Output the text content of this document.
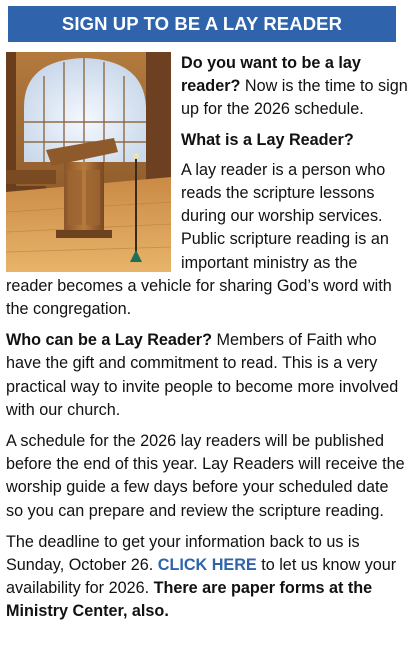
SIGN UP TO BE A LAY READER

Do you want to be a lay reader? Now is the time to sign up for the 2026 schedule.

What is a Lay Reader?

A lay reader is a person who reads the scripture lessons during our worship services. Public scripture reading is an important ministry as the reader becomes a vehicle for sharing God’s word with the congregation.

Who can be a Lay Reader? Members of Faith who have the gift and commitment to read. This is a very practical way to invite people to become more involved with our church.

A schedule for the 2026 lay readers will be published before the end of this year. Lay Readers will receive the worship guide a few days before your scheduled date so you can prepare and review the scripture reading.

The deadline to get your information back to us is Sunday, October 26. CLICK HERE to let us know your availability for 2026. There are paper forms at the Ministry Center, also.
